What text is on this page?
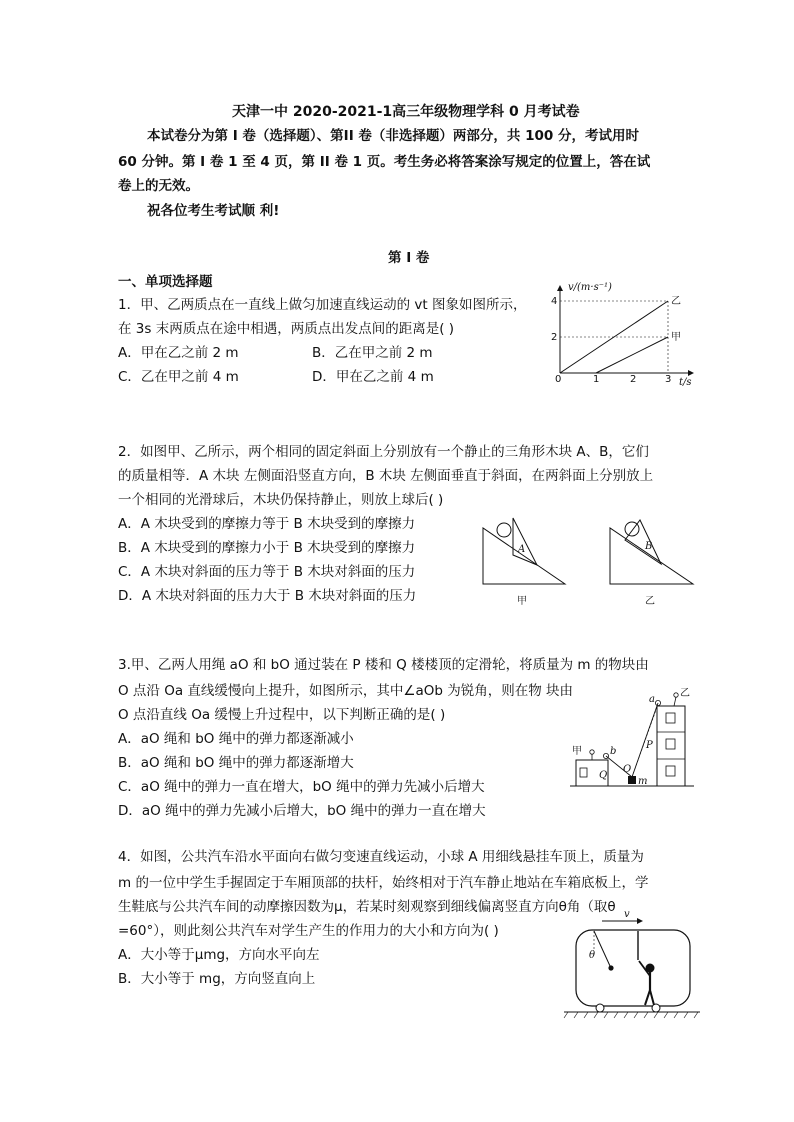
天津一中 2020-2021-1高三年级物理学科 0 月考试卷
本试卷分为第 I 卷（选择题）、第II 卷（非选择题）两部分，共 100 分，考试用时
60 分钟。第 I 卷 1 至 4 页，第 II 卷 1 页。考生务必将答案涂写规定的位置上，答在试
卷上的无效。
祝各位考生考试顺 利!
第 I 卷
一、单项选择题
1．甲、乙两质点在一直线上做匀加速直线运动的 vt 图象如图所示，
在 3s 末两质点在途中相遇，两质点出发点间的距离是( )
A．甲在乙之前 2 m	B．乙在甲之前 2 m
C．乙在甲之前 4 m	D．甲在乙之前 4 m
v/(m·s⁻¹)
t/s
0	1	2	3
2
4	乙
甲
2．如图甲、乙所示，两个相同的固定斜面上分别放有一个静止的三角形木块 A、B，它们
的质量相等．A 木块 左侧面沿竖直方向，B 木块 左侧面垂直于斜面，在两斜面上分别放上
一个相同的光滑球后，木块仍保持静止，则放上球后( )
A．A 木块受到的摩擦力等于 B 木块受到的摩擦力
B．A 木块受到的摩擦力小于 B 木块受到的摩擦力
C．A 木块对斜面的压力等于 B 木块对斜面的压力
D．A 木块对斜面的压力大于 B 木块对斜面的压力
A
甲
B
乙
3.甲、乙两人用绳 aO 和 bO 通过装在 P 楼和 Q 楼楼顶的定滑轮，将质量为 m 的物块由
O 点沿 Oa 直线缓慢向上提升，如图所示，其中∠aOb 为锐角，则在物 块由
O 点沿直线 Oa 缓慢上升过程中，以下判断正确的是( )
A．aO 绳和 bO 绳中的弹力都逐渐减小
B．aO 绳和 bO 绳中的弹力都逐渐增大
C．aO 绳中的弹力一直在增大，bO 绳中的弹力先减小后增大
D．aO 绳中的弹力先减小后增大，bO 绳中的弹力一直在增大
Q
甲	b
P
乙
a
O
m
4．如图，公共汽车沿水平面向右做匀变速直线运动，小球 A 用细线悬挂车顶上，质量为
m 的一位中学生手握固定于车厢顶部的扶杆，始终相对于汽车静止地站在车箱底板上，学
生鞋底与公共汽车间的动摩擦因数为μ，若某时刻观察到细线偏离竖直方向θ角（取θ
=60°），则此刻公共汽车对学生产生的作用力的大小和方向为( )
A．大小等于μmg，方向水平向左
B．大小等于 mg，方向竖直向上
v
θ
